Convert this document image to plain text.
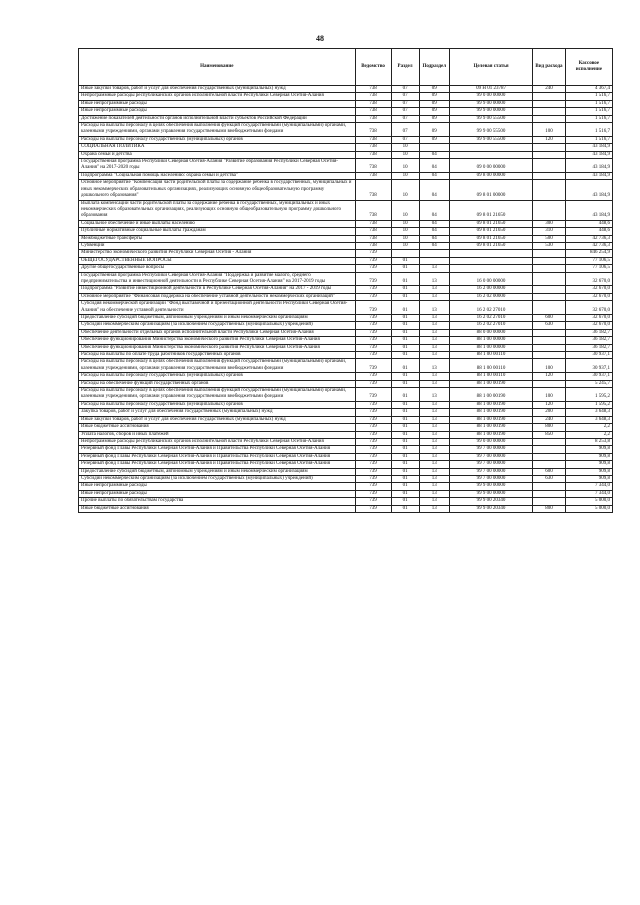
48
Наименование	Ведомство	Раздел	Подраздел	Целевая статья	Вид расхода	Кассовое исполнение
Иные закупки товаров, работ и услуг для обеспечения государственных (муниципальных) нужд	738	07	09	09 Н 01 23787	240	4 367,4
Непрограммные расходы республиканских органов исполнительной власти Республики Северная Осетия-Алания	738	07	09	99 0 00 00000		1 516,7
Иные непрограммные расходы	738	07	09	99 9 00 00000		1 516,7
Иные непрограммные расходы	738	07	09	99 9 00 00000		1 516,7
Достижение показателей деятельности органов исполнительной власти субъектов Российской Федерации	738	07	09	99 9 00 55500		1 516,7
Расходы на выплаты персоналу в целях обеспечения выполнения функций государственными (муниципальными) органами, казенными учреждениями, органами управления государственными внебюджетными фондами	738	07	09	99 9 00 55500	100	1 516,7
Расходы на выплаты персоналу государственных (муниципальных) органов	738	07	09	99 9 00 55500	120	1 516,7
СОЦИАЛЬНАЯ ПОЛИТИКА	738	10				43 184,9
Охрана семьи и детства	738	10	04			43 184,9
Государственная программа Республики Северная Осетия-Алания "Развитие образования Республики Северная Осетия-Алания" на 2017-2020 годы	738	10	04	09 0 00 00000		43 184,9
Подпрограмма "Социальная помощь населению: охрана семьи и детства"	738	10	04	09 8 00 00000		43 184,9
Основное мероприятие "Компенсация части родительской платы за содержание ребенка в государственных, муниципальных и иных некоммерческих образовательных организациях, реализующих основную общеобразовательную программу дошкольного образования"	738	10	04	09 8 01 00000		43 184,9
Выплата компенсации части родительской платы за содержание ребенка в государственных, муниципальных и иных некоммерческих образовательных организациях, реализующих основную общеобразовательную программу дошкольного образования	738	10	04	09 8 01 21650		43 184,9
Социальное обеспечение и иные выплаты населению	738	10	04	09 8 01 21650	300	448,6
Публичные нормативные социальные выплаты гражданам	738	10	04	09 8 01 21650	310	448,6
Межбюджетные трансферты	738	10	04	09 8 01 21650	500	42 736,3
Субвенции	738	10	04	09 8 01 21650	530	42 736,3
Министерство экономического развития Республики Северная Осетия - Алания	739					846 254,9
ОБЩЕГОСУДАРСТВЕННЫЕ ВОПРОСЫ	739	01				77 106,5
Другие общегосударственные вопросы	739	01	13			77 106,5
Государственная программа Республики Северная Осетия-Алания "Поддержка и развитие малого, среднего предпринимательства и инвестиционной деятельности в Республике Северная Осетия-Алания" на 2017-2019 годы	739	01	13	16 0 00 00000		32 670,0
Подпрограмма "Развитие инвестиционной деятельности в Республике Северная Осетия-Алания" на 2017 - 2019 годы	739	01	13	16 2 00 00000		32 670,0
Основное мероприятие "Финансовая поддержка на обеспечение уставной деятельности некоммерческих организаций"	739	01	13	16 2 02 00000		32 670,0
Субсидия некоммерческой организации "Фонд выставочной и презентационной деятельности Республики Северная Осетия-Алания" на обеспечение уставной деятельности	739	01	13	16 2 02 27010		32 670,0
Предоставление субсидий бюджетным, автономным учреждениям и иным некоммерческим организациям	739	01	13	16 2 02 27010	600	32 670,0
Субсидии некоммерческим организациям (за исключением государственных (муниципальных) учреждений)	739	01	13	16 2 02 27010	630	32 670,0
Обеспечение деятельности отдельных органов исполнительной власти Республики Северная Осетия-Алания	739	01	13	88 0 00 00000		36 182,7
Обеспечение функционирования Министерства экономического развития Республики Северная Осетия-Алания	739	01	13	88 1 00 00000		36 182,7
Обеспечение функционирования Министерства экономического развития Республики Северная Осетия-Алания	739	01	13	88 1 00 00000		36 182,7
Расходы на выплаты по оплате труда работников государственных органов	739	01	13	88 1 00 00110		30 937,1
Расходы на выплаты персоналу в целях обеспечения выполнения функций государственными (муниципальными) органами, казенными учреждениями, органами управления государственными внебюджетными фондами	739	01	13	88 1 00 00110	100	30 937,1
Расходы на выплаты персоналу государственных (муниципальных) органов	739	01	13	88 1 00 00110	120	30 937,1
Расходы на обеспечение функций государственных органов	739	01	13	88 1 00 00190		5 245,7
Расходы на выплаты персоналу в целях обеспечения выполнения функций государственными (муниципальными) органами, казенными учреждениями, органами управления государственными внебюджетными фондами	739	01	13	88 1 00 00190	100	1 595,2
Расходы на выплаты персоналу государственных (муниципальных) органов	739	01	13	88 1 00 00190	120	1 595,2
Закупка товаров, работ и услуг для обеспечения государственных (муниципальных) нужд	739	01	13	88 1 00 00190	200	3 648,3
Иные закупки товаров, работ и услуг для обеспечения государственных (муниципальных) нужд	739	01	13	88 1 00 00190	240	3 648,3
Иные бюджетные ассигнования	739	01	13	88 1 00 00190	800	2,2
Уплата налогов, сборов и иных платежей	739	01	13	88 1 00 00190	850	2,2
Непрограммные расходы республиканских органов исполнительной власти Республики Северная Осетия-Алания	739	01	13	99 0 00 00000		8 253,8
Резервный фонд Главы Республики Северная Осетия-Алания и Правительства Республики Северная Осетия-Алания	739	01	13	99 7 00 00000		909,8
Резервный фонд Главы Республики Северная Осетия-Алания и Правительства Республики Северная Осетия-Алания	739	01	13	99 7 00 00000		909,8
Резервный фонд Главы Республики Северная Осетия-Алания и Правительства Республики Северная Осетия-Алания	739	01	13	99 7 00 00000		909,8
Предоставление субсидий бюджетным, автономным учреждениям и иным некоммерческим организациям	739	01	13	99 7 00 00000	600	909,8
Субсидии некоммерческим организациям (за исключением государственных (муниципальных) учреждений)	739	01	13	99 7 00 00000	630	909,8
Иные непрограммные расходы	739	01	13	99 9 00 00000		7 344,0
Иные непрограммные расходы	739	01	13	99 9 00 00000		7 344,0
Прочие выплаты по обязательствам государства	739	01	13	99 9 00 20340		5 000,0
Иные бюджетные ассигнования	739	01	13	99 9 00 20340	800	5 000,0
